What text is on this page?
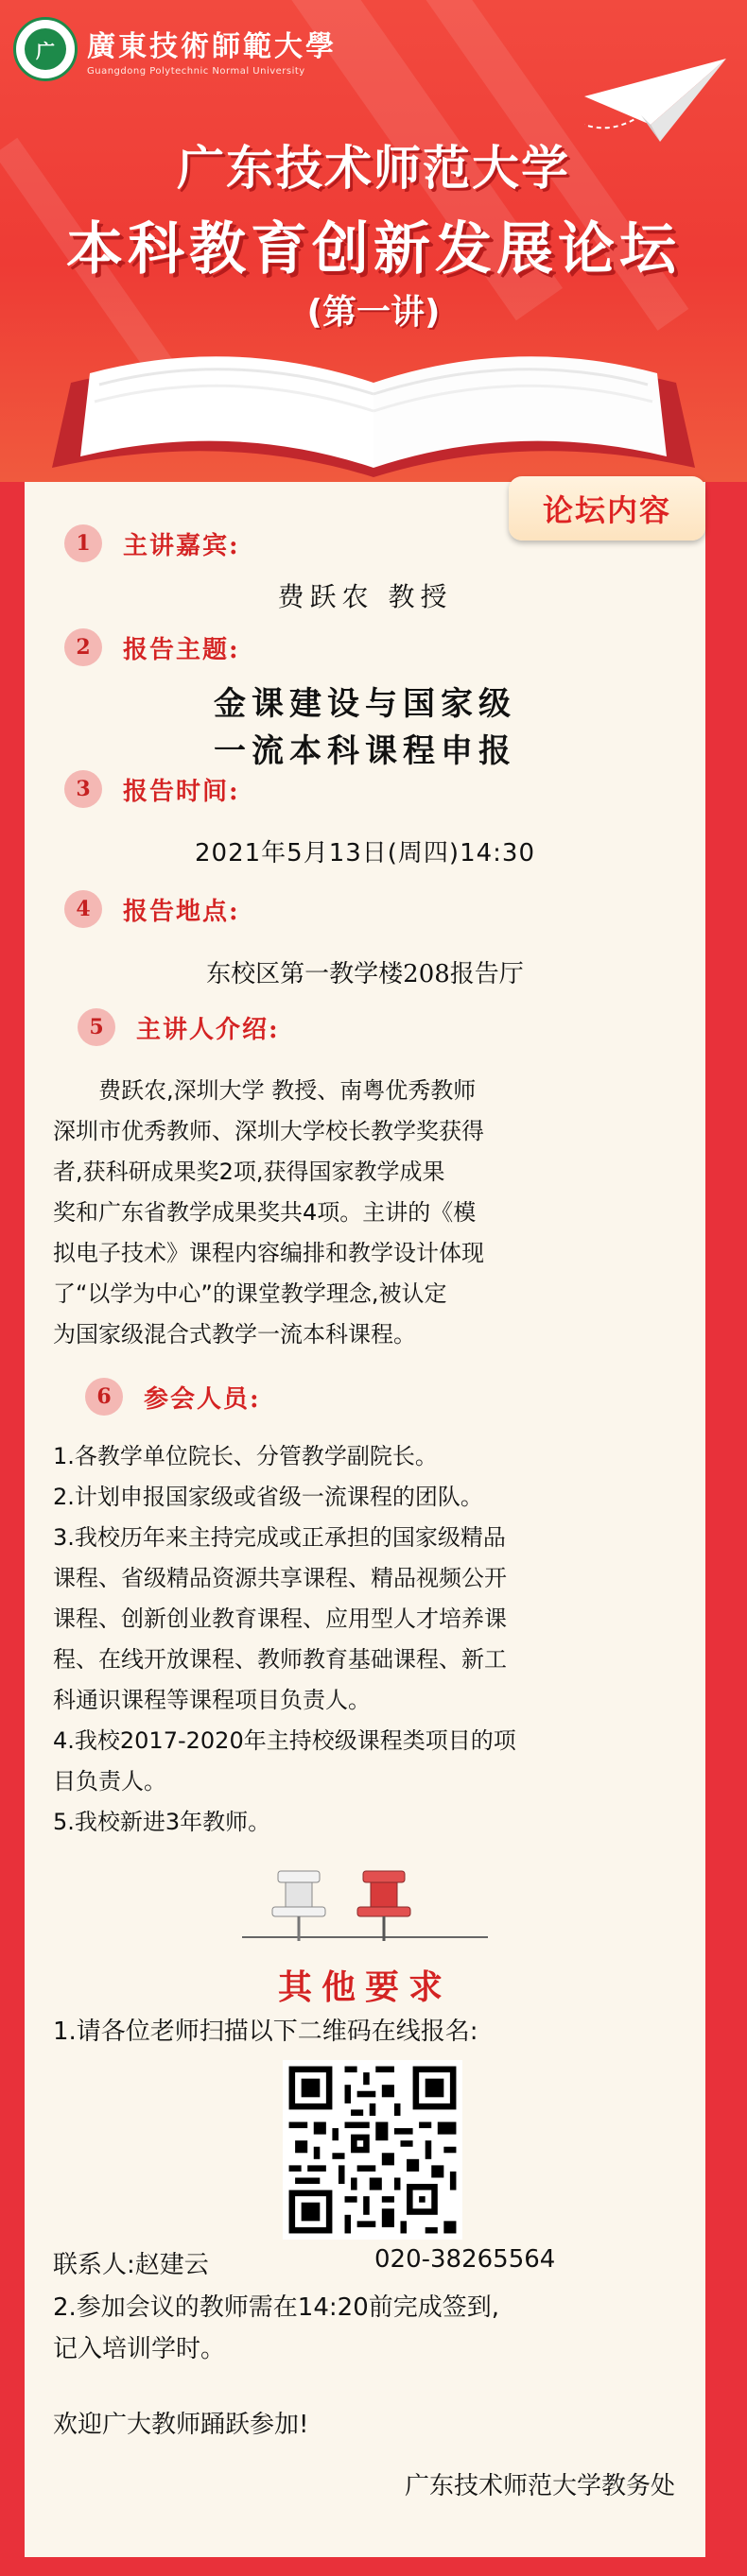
广	廣東技術師範大學
Guangdong Polytechnic Normal University
广东技术师范大学
本科教育创新发展论坛
(第一讲)
论坛内容
1	主讲嘉宾:
费跃农 教授
2	报告主题:
金课建设与国家级
一流本科课程申报
3	报告时间:
2021年5月13日(周四)14:30
4	报告地点:
东校区第一教学楼208报告厅
5	主讲人介绍:

费跃农,深圳大学 教授、南粤优秀教师

深圳市优秀教师、深圳大学校长教学奖获得

者,获科研成果奖2项,获得国家教学成果

奖和广东省教学成果奖共4项。主讲的《模

拟电子技术》课程内容编排和教学设计体现

了“以学为中心”的课堂教学理念,被认定

为国家级混合式教学一流本科课程。

6	参会人员:

1.各教学单位院长、分管教学副院长。

2.计划申报国家级或省级一流课程的团队。

3.我校历年来主持完成或正承担的国家级精品

课程、省级精品资源共享课程、精品视频公开

课程、创新创业教育课程、应用型人才培养课

程、在线开放课程、教师教育基础课程、新工

科通识课程等课程项目负责人。

4.我校2017-2020年主持校级课程类项目的项

目负责人。

5.我校新进3年教师。

其他要求
1.请各位老师扫描以下二维码在线报名:
联系人:赵建云	020-38265564
2.参加会议的教师需在14:20前完成签到,
记入培训学时。
欢迎广大教师踊跃参加!
广东技术师范大学教务处
